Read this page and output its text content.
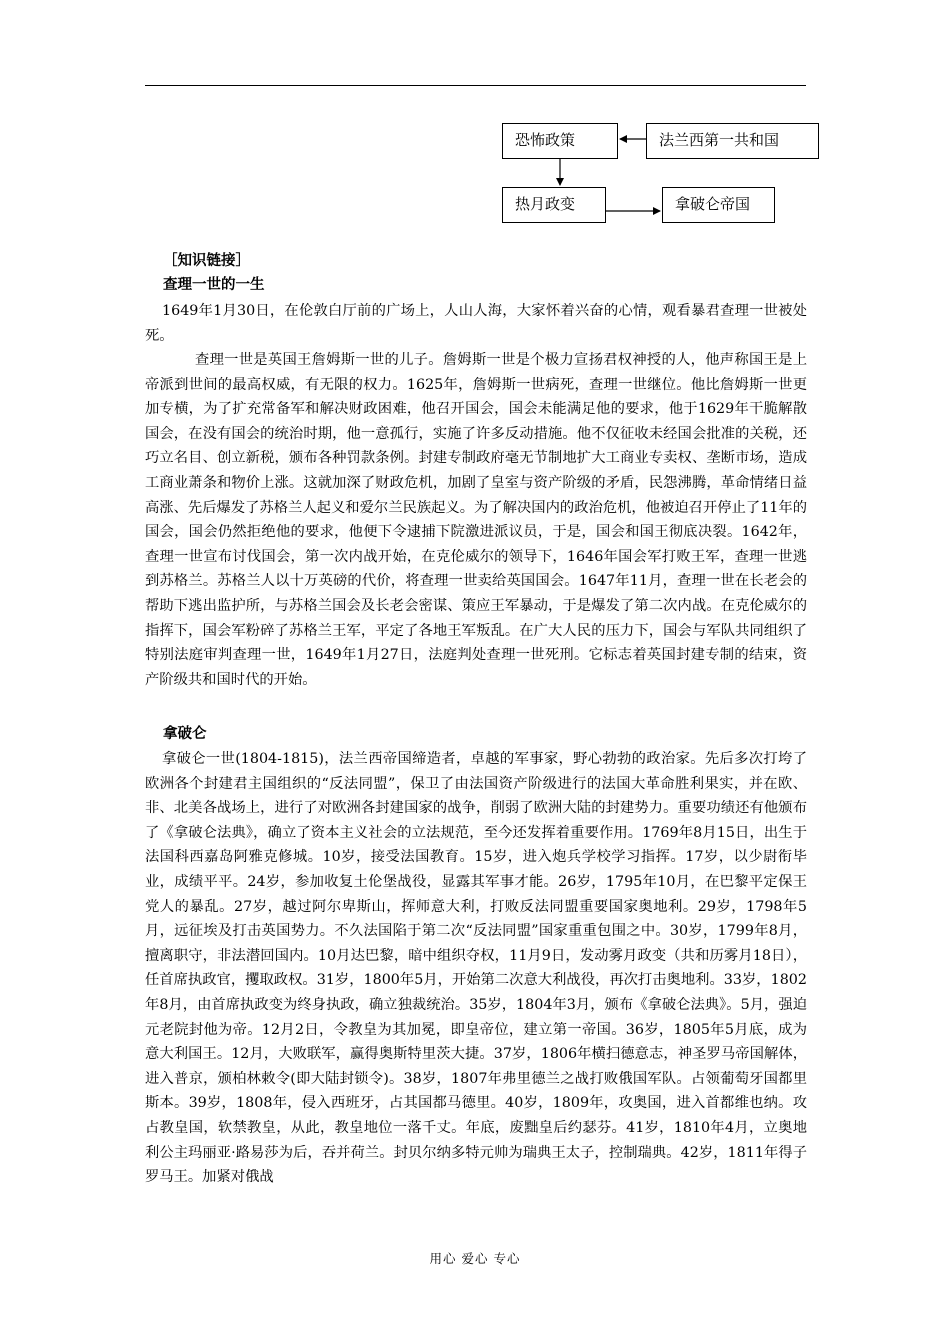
恐怖政策	法兰西第一共和国
热月政变	拿破仑帝国
［知识链接］
查理一世的一生

1649年1月30日，在伦敦白厅前的广场上，人山人海，大家怀着兴奋的心情，观看暴君查理一世被处死。

查理一世是英国王詹姆斯一世的儿子。詹姆斯一世是个极力宣扬君权神授的人，他声称国王是上帝派到世间的最高权威，有无限的权力。1625年，詹姆斯一世病死，查理一世继位。他比詹姆斯一世更加专横，为了扩充常备军和解决财政困难，他召开国会，国会未能满足他的要求，他于1629年干脆解散国会，在没有国会的统治时期，他一意孤行，实施了许多反动措施。他不仅征收未经国会批准的关税，还巧立名目、创立新税，颁布各种罚款条例。封建专制政府毫无节制地扩大工商业专卖权、垄断市场，造成工商业萧条和物价上涨。这就加深了财政危机，加剧了皇室与资产阶级的矛盾，民怨沸腾，革命情绪日益高涨、先后爆发了苏格兰人起义和爱尔兰民族起义。为了解决国内的政治危机，他被迫召开停止了11年的国会，国会仍然拒绝他的要求，他便下令逮捕下院激进派议员，于是，国会和国王彻底决裂。1642年，查理一世宣布讨伐国会，第一次内战开始，在克伦威尔的领导下，1646年国会军打败王军，查理一世逃到苏格兰。苏格兰人以十万英磅的代价，将查理一世卖给英国国会。1647年11月，查理一世在长老会的帮助下逃出监护所，与苏格兰国会及长老会密谋、策应王军暴动，于是爆发了第二次内战。在克伦威尔的指挥下，国会军粉碎了苏格兰王军，平定了各地王军叛乱。在广大人民的压力下，国会与军队共同组织了特别法庭审判查理一世，1649年1月27日，法庭判处查理一世死刑。它标志着英国封建专制的结束，资产阶级共和国时代的开始。

拿破仑

拿破仑一世(1804-1815)，法兰西帝国缔造者，卓越的军事家，野心勃勃的政治家。先后多次打垮了欧洲各个封建君主国组织的“反法同盟”，保卫了由法国资产阶级进行的法国大革命胜利果实，并在欧、非、北美各战场上，进行了对欧洲各封建国家的战争，削弱了欧洲大陆的封建势力。重要功绩还有他颁布了《拿破仑法典》，确立了资本主义社会的立法规范，至今还发挥着重要作用。1769年8月15日，出生于法国科西嘉岛阿雅克修城。10岁，接受法国教育。15岁，进入炮兵学校学习指挥。17岁，以少尉衔毕业，成绩平平。24岁，参加收复土伦堡战役，显露其军事才能。26岁，1795年10月，在巴黎平定保王党人的暴乱。27岁，越过阿尔卑斯山，挥师意大利，打败反法同盟重要国家奥地利。29岁，1798年5月，远征埃及打击英国势力。不久法国陷于第二次“反法同盟”国家重重包围之中。30岁，1799年8月，擅离职守，非法潜回国内。10月达巴黎，暗中组织夺权，11月9日，发动雾月政变（共和历雾月18日），任首席执政官，攫取政权。31岁，1800年5月，开始第二次意大利战役，再次打击奥地利。33岁，1802年8月，由首席执政变为终身执政，确立独裁统治。35岁，1804年3月，颁布《拿破仑法典》。5月，强迫元老院封他为帝。12月2日，令教皇为其加冕，即皇帝位，建立第一帝国。36岁，1805年5月底，成为意大利国王。12月，大败联军，赢得奥斯特里茨大捷。37岁，1806年横扫德意志，神圣罗马帝国解体，进入普京，颁柏林敕令(即大陆封锁令)。38岁，1807年弗里德兰之战打败俄国军队。占领葡萄牙国都里斯本。39岁，1808年，侵入西班牙，占其国都马德里。40岁，1809年，攻奥国，进入首都维也纳。攻占教皇国，软禁教皇，从此，教皇地位一落千丈。年底，废黜皇后约瑟芬。41岁，1810年4月，立奥地利公主玛丽亚·路易莎为后，吞并荷兰。封贝尔纳多特元帅为瑞典王太子，控制瑞典。42岁，1811年得子罗马王。加紧对俄战

用心 爱心 专心
